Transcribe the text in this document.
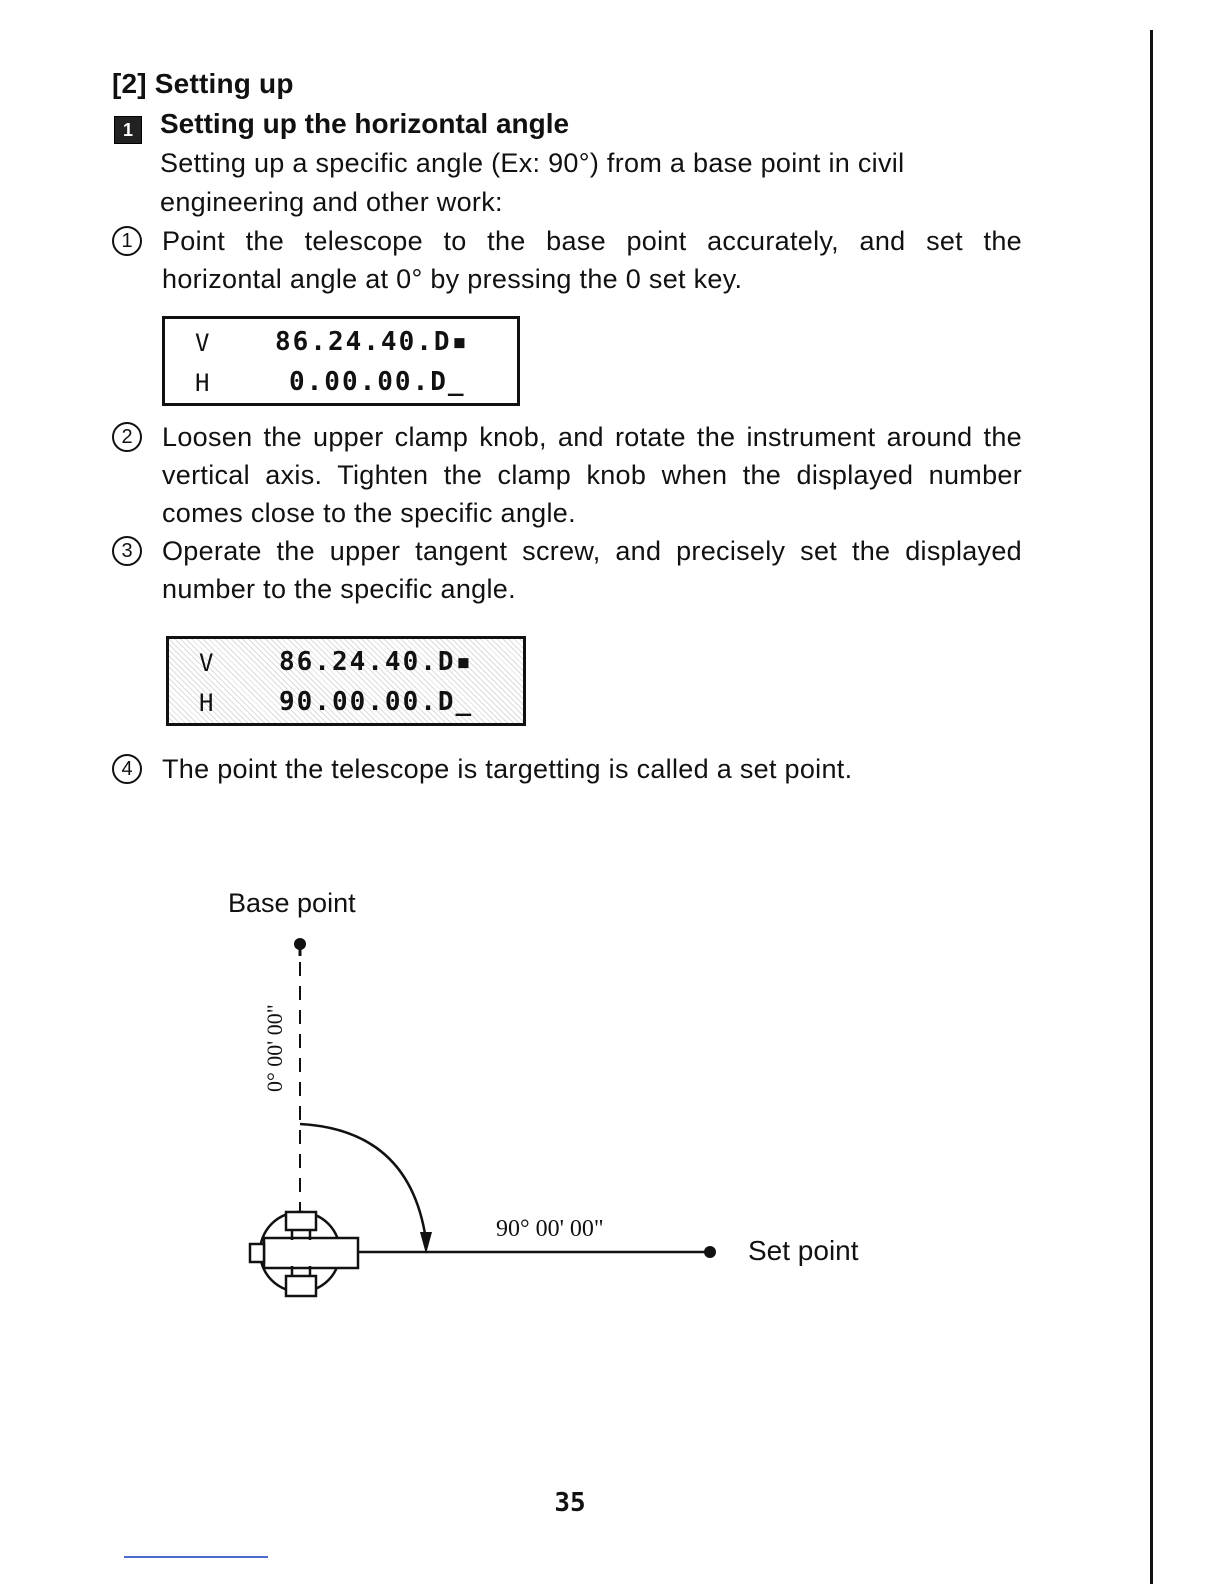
[2] Setting up
1 Setting up the horizontal angle

Setting up a specific angle (Ex: 90°) from a base point in civil engineering and other work:

1	Point the telescope to the base point accurately, and set the horizontal angle at 0° by pressing the 0 set key.
V	86.24.40.D▪
H	0.00.00.D_
2	Loosen the upper clamp knob, and rotate the instrument around the vertical axis. Tighten the clamp knob when the displayed number comes close to the specific angle.
3	Operate the upper tangent screw, and precisely set the displayed number to the specific angle.
V	86.24.40.D▪
H	90.00.00.D_
4	The point the telescope is targetting is called a set point.
Base point
0° 00' 00"
90° 00' 00"
Set point
35
